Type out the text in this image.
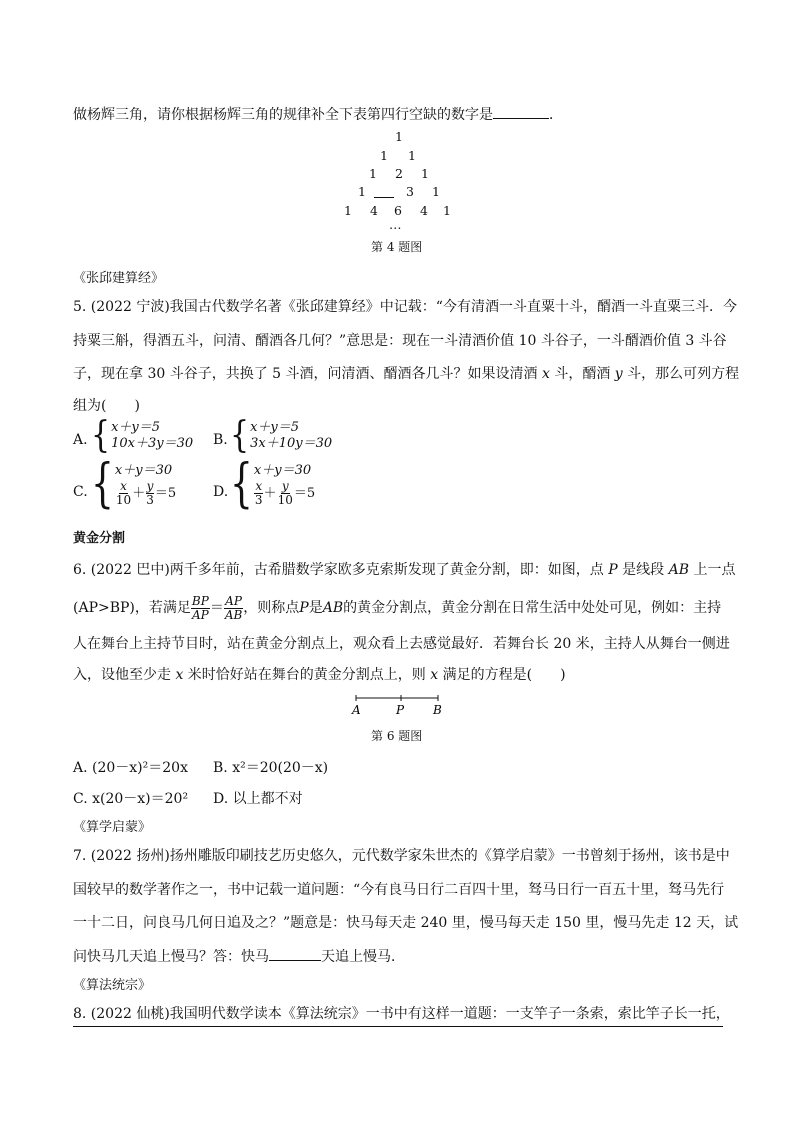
做杨辉三角，请你根据杨辉三角的规律补全下表第四行空缺的数字是	．
1
1 1
1 2 1
1	3 1
1 4 6 4 1
…
第 4 题图
《张邱建算经》
5. (2022 宁波)我国古代数学名著《张邱建算经》中记载：“今有清酒一斗直粟十斗，醑酒一斗直粟三斗．今
持粟三斛，得酒五斗，问清、醑酒各几何？”意思是：现在一斗清酒价值 10 斗谷子，一斗醑酒价值 3 斗谷
子，现在拿 30 斗谷子，共换了 5 斗酒，问清酒、醑酒各几斗？如果设清酒 x 斗，醑酒 y 斗，那么可列方程
组为(　　)
A. { x＋y＝5
10x＋3y＝30 B. { x＋y＝5
3x＋10y＝30
C. { x＋y＝30
$\frac{x}{10} + \frac{y}{3} =5$	D. { x＋y＝30
$\frac{x}{3} + \frac{y}{10} =5$
黄金分割
6. (2022 巴中)两千多年前，古希腊数学家欧多克索斯发现了黄金分割，即：如图，点 P 是线段 AB 上一点
(AP>BP)，若满足 $\frac{BP}{AP} = \frac{AP}{AB}$ ，则称点 P 是 AB 的黄金分割点，黄金分割在日常生活中处处可见，例如：主持
人在舞台上主持节目时，站在黄金分割点上，观众看上去感觉最好．若舞台长 20 米，主持人从舞台一侧进
入，设他至少走 x 米时恰好站在舞台的黄金分割点上，则 x 满足的方程是(　　)
A	P B
第 6 题图
A. (20－x)²＝20x B. x²＝20(20－x)
C. x(20－x)＝20² D. 以上都不对
《算学启蒙》
7. (2022 扬州)扬州雕版印刷技艺历史悠久，元代数学家朱世杰的《算学启蒙》一书曾刻于扬州，该书是中
国较早的数学著作之一，书中记载一道问题：“今有良马日行二百四十里，驽马日行一百五十里，驽马先行
一十二日，问良马几何日追及之？”题意是：快马每天走 240 里，慢马每天走 150 里，慢马先走 12 天，试
问快马几天追上慢马？答：快马	天追上慢马．
《算法统宗》
8. (2022 仙桃)我国明代数学读本《算法统宗》一书中有这样一道题：一支竿子一条索，索比竿子长一托，
